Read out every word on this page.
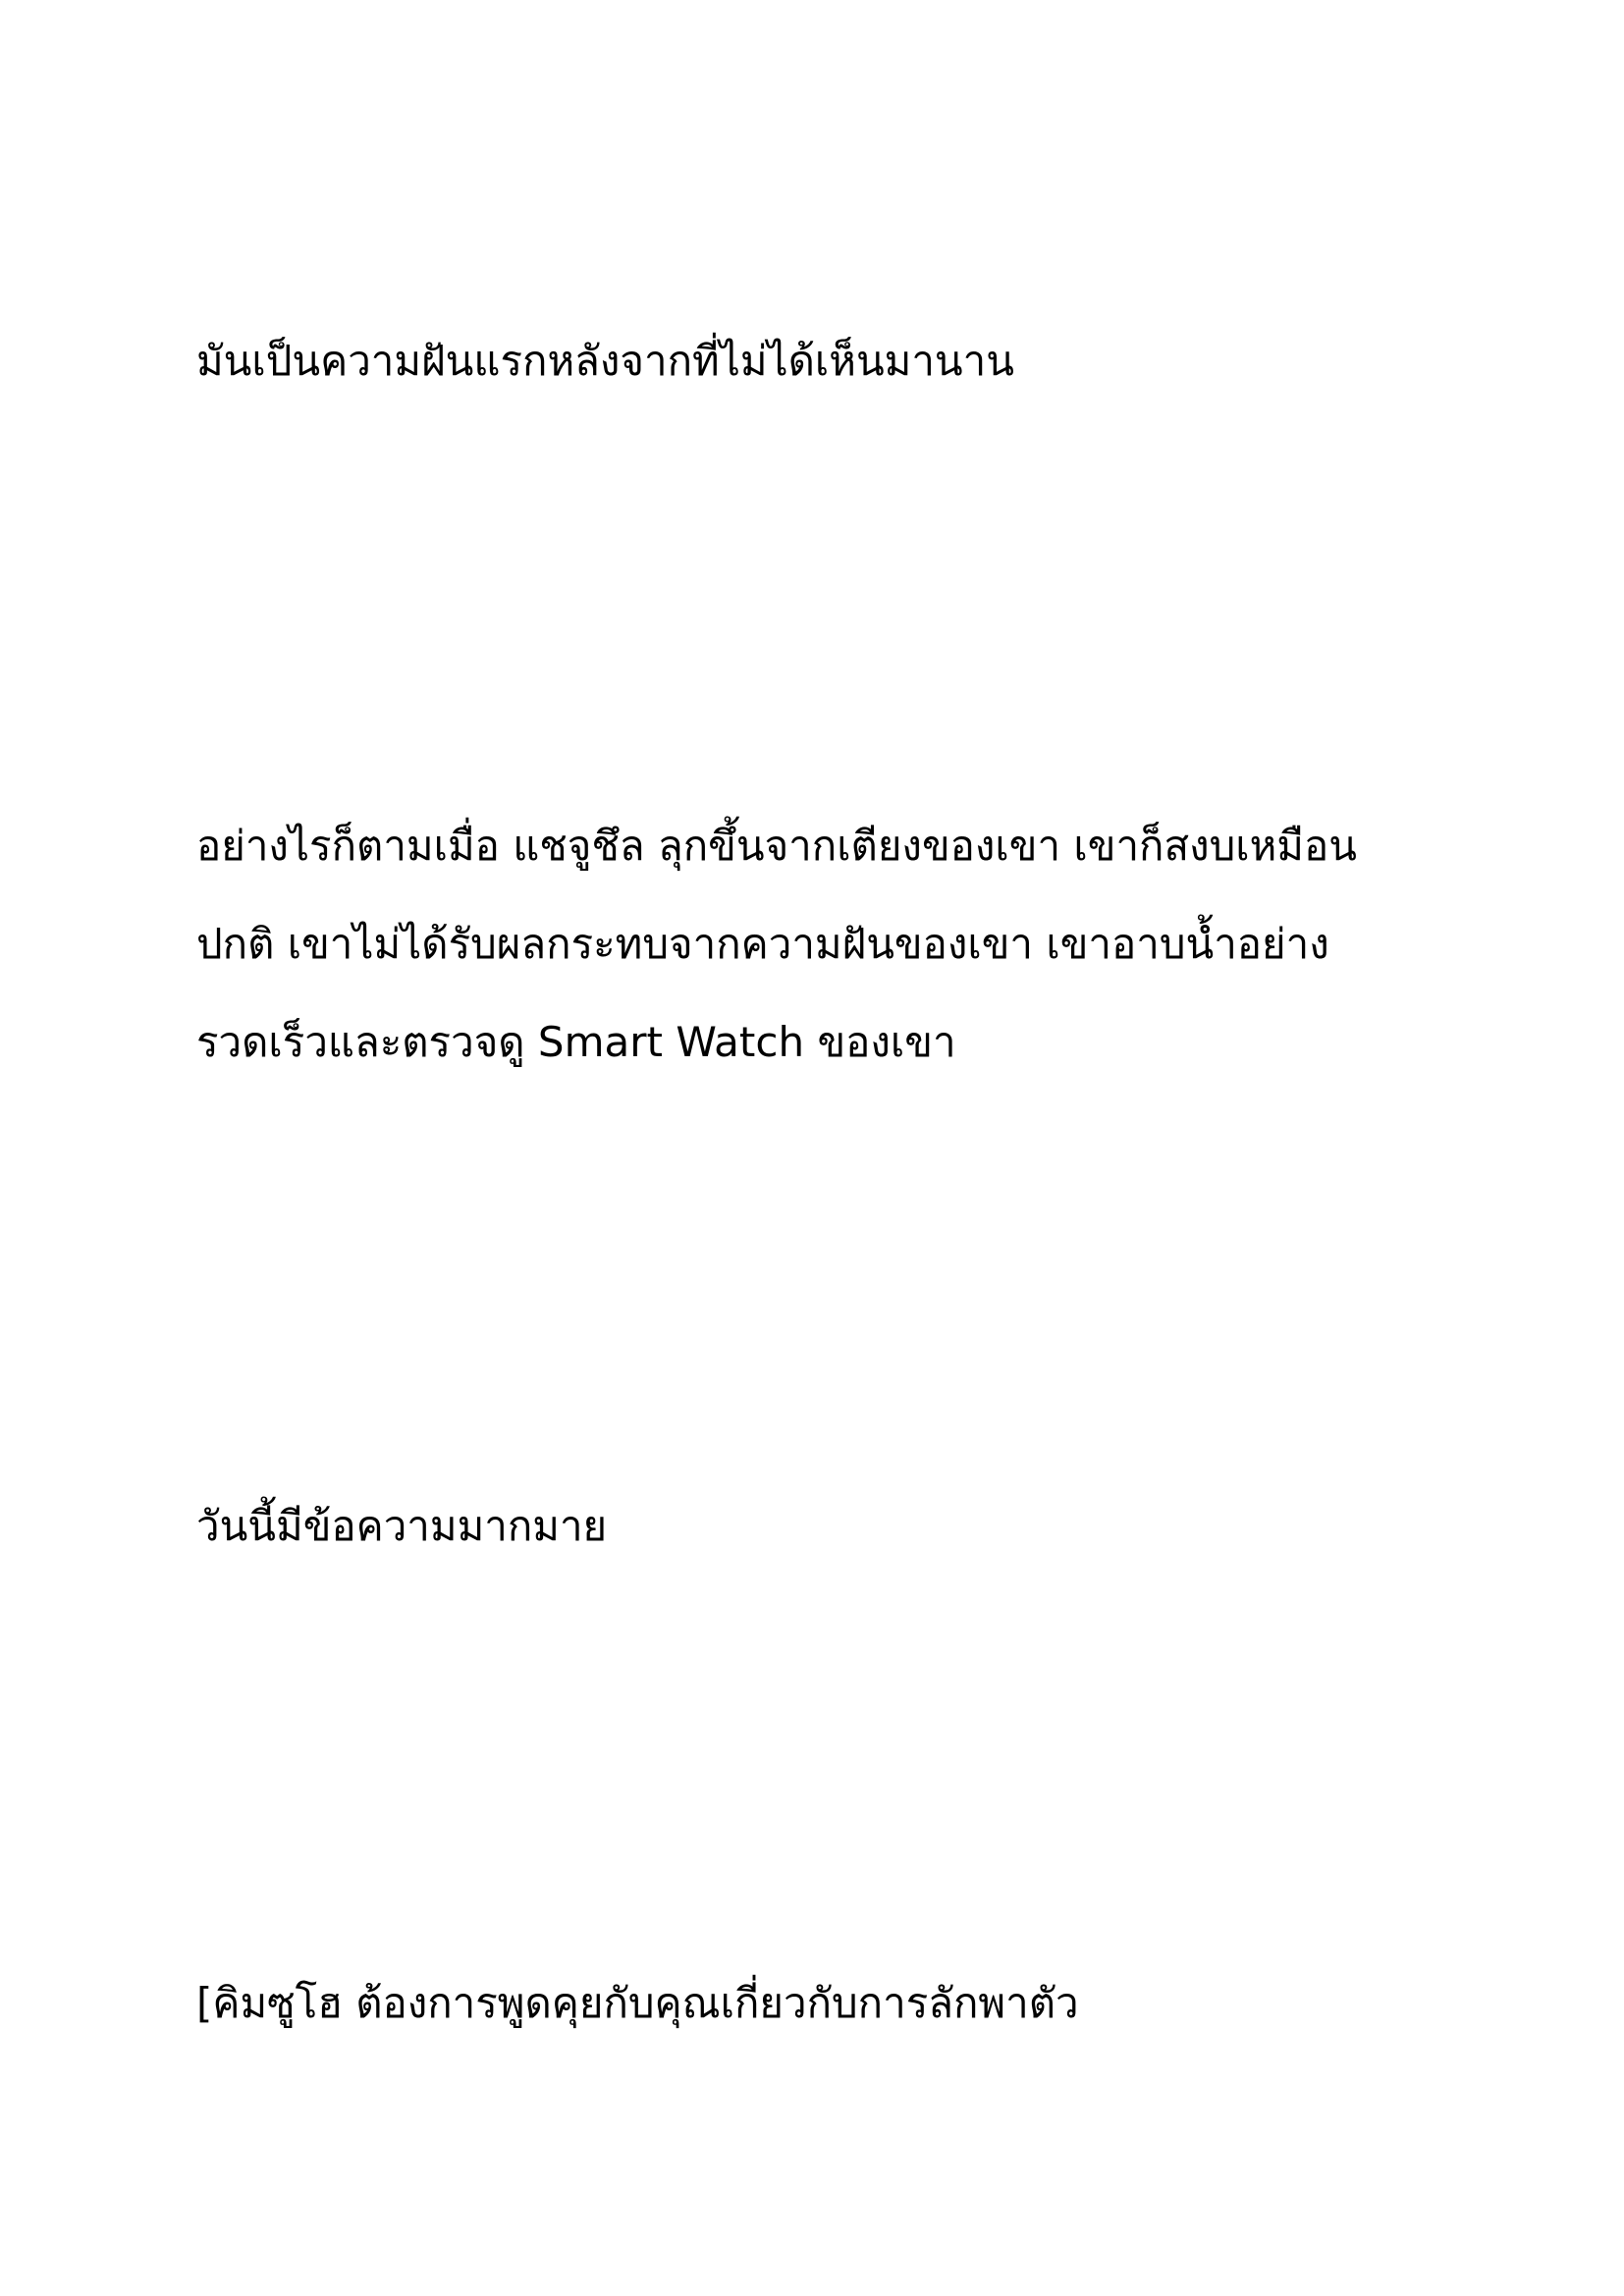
มันเป็นความฝันแรกหลังจากที่ไม่ได้เห็นมานาน

อย่างไรก็ตามเมื่อ แชจูชึล ลุกขึ้นจากเตียงของเขา เขาก็สงบเหมือน
ปกติ เขาไม่ได้รับผลกระทบจากความฝันของเขา เขาอาบน้ำอย่าง
รวดเร็วและตรวจดู Smart Watch ของเขา

วันนี้มีข้อความมากมาย

[คิมซูโฮ ต้องการพูดคุยกับคุณเกี่ยวกับการลักพาตัว
